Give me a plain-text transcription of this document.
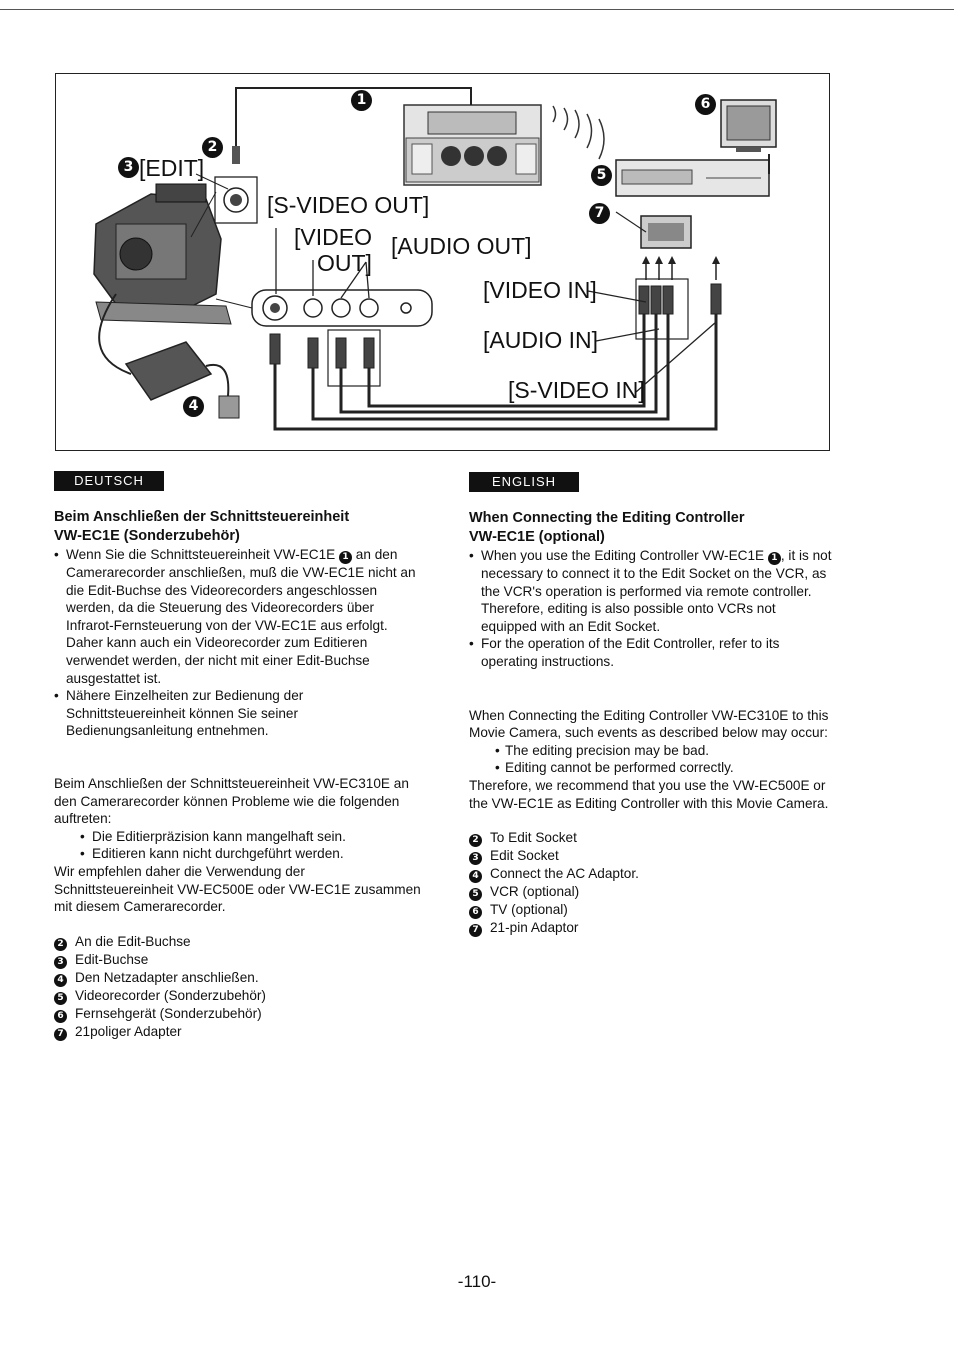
[EDIT]
[S-VIDEO OUT]
[VIDEO
OUT]
[AUDIO OUT]
[VIDEO IN]
[AUDIO IN]
[S-VIDEO IN]
1
2
3
4
5
6
7
DEUTSCH
Beim Anschließen der Schnittsteuereinheit
VW-EC1E (Sonderzubehör)

• Wenn Sie die Schnittsteuereinheit VW-EC1E 1 an den Camerarecorder anschließen, muß die VW-EC1E nicht an die Edit-Buchse des Videorecorders angeschlossen werden, da die Steuerung des Videorecorders über Infrarot-Fernsteuerung von der VW-EC1E aus erfolgt. Daher kann auch ein Videorecorder zum Editieren verwendet werden, der nicht mit einer Edit-Buchse ausgestattet ist.

• Nähere Einzelheiten zur Bedienung der Schnittsteuereinheit können Sie seiner Bedienungsanleitung entnehmen.

Beim Anschließen der Schnittsteuereinheit VW-EC310E an den Camerarecorder können Probleme wie die folgenden auftreten:

• Die Editierpräzision kann mangelhaft sein.

• Editieren kann nicht durchgeführt werden.

Wir empfehlen daher die Verwendung der Schnittsteuereinheit VW-EC500E oder VW-EC1E zusammen mit diesem Camerarecorder.

2 An die Edit-Buchse
3 Edit-Buchse
4 Den Netzadapter anschließen.
5 Videorecorder (Sonderzubehör)
6 Fernsehgerät (Sonderzubehör)
7 21poliger Adapter
ENGLISH
When Connecting the Editing Controller
VW-EC1E (optional)

• When you use the Editing Controller VW-EC1E 1 , it is not necessary to connect it to the Edit Socket on the VCR, as the VCR's operation is performed via remote controller. Therefore, editing is also possible onto VCRs not equipped with an Edit Socket.

• For the operation of the Edit Controller, refer to its operating instructions.

When Connecting the Editing Controller VW-EC310E to this Movie Camera, such events as described below may occur:

• The editing precision may be bad.

• Editing cannot be performed correctly.

Therefore, we recommend that you use the VW-EC500E or the VW-EC1E as Editing Controller with this Movie Camera.

2 To Edit Socket
3 Edit Socket
4 Connect the AC Adaptor.
5 VCR (optional)
6 TV (optional)
7 21-pin Adaptor
-110-
